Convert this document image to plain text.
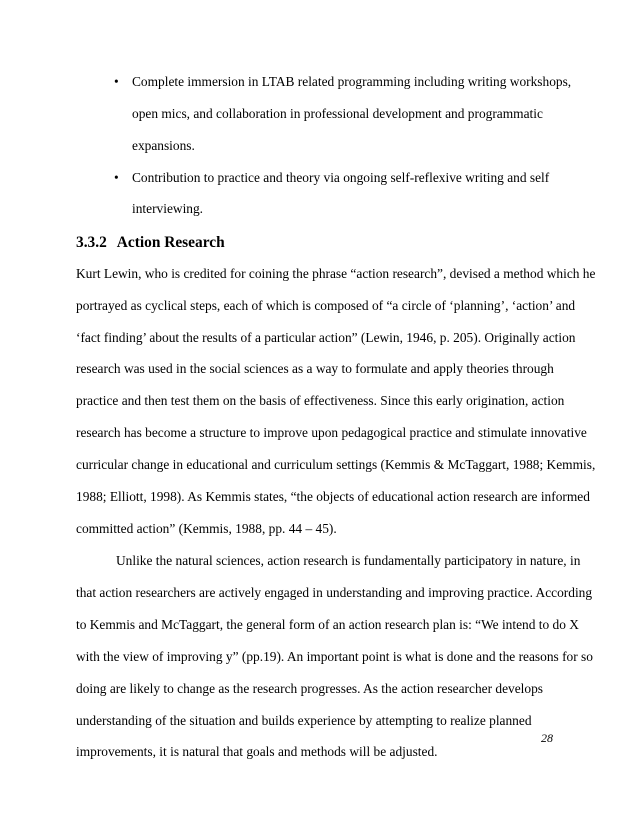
• Complete immersion in LTAB related programming including writing workshops,
open mics, and collaboration in professional development and programmatic
expansions.
• Contribution to practice and theory via ongoing self-reflexive writing and self
interviewing.
3.3.2 Action Research
Kurt Lewin, who is credited for coining the phrase “action research”, devised a method which he
portrayed as cyclical steps, each of which is composed of “a circle of ‘planning’, ‘action’ and
‘fact finding’ about the results of a particular action” (Lewin, 1946, p. 205). Originally action
research was used in the social sciences as a way to formulate and apply theories through
practice and then test them on the basis of effectiveness. Since this early origination, action
research has become a structure to improve upon pedagogical practice and stimulate innovative
curricular change in educational and curriculum settings (Kemmis & McTaggart, 1988; Kemmis,
1988; Elliott, 1998). As Kemmis states, “the objects of educational action research are informed
committed action” (Kemmis, 1988, pp. 44 – 45).
Unlike the natural sciences, action research is fundamentally participatory in nature, in
that action researchers are actively engaged in understanding and improving practice. According
to Kemmis and McTaggart, the general form of an action research plan is: “We intend to do X
with the view of improving y” (pp.19). An important point is what is done and the reasons for so
doing are likely to change as the research progresses. As the action researcher develops
understanding of the situation and builds experience by attempting to realize planned
improvements, it is natural that goals and methods will be adjusted.
28
